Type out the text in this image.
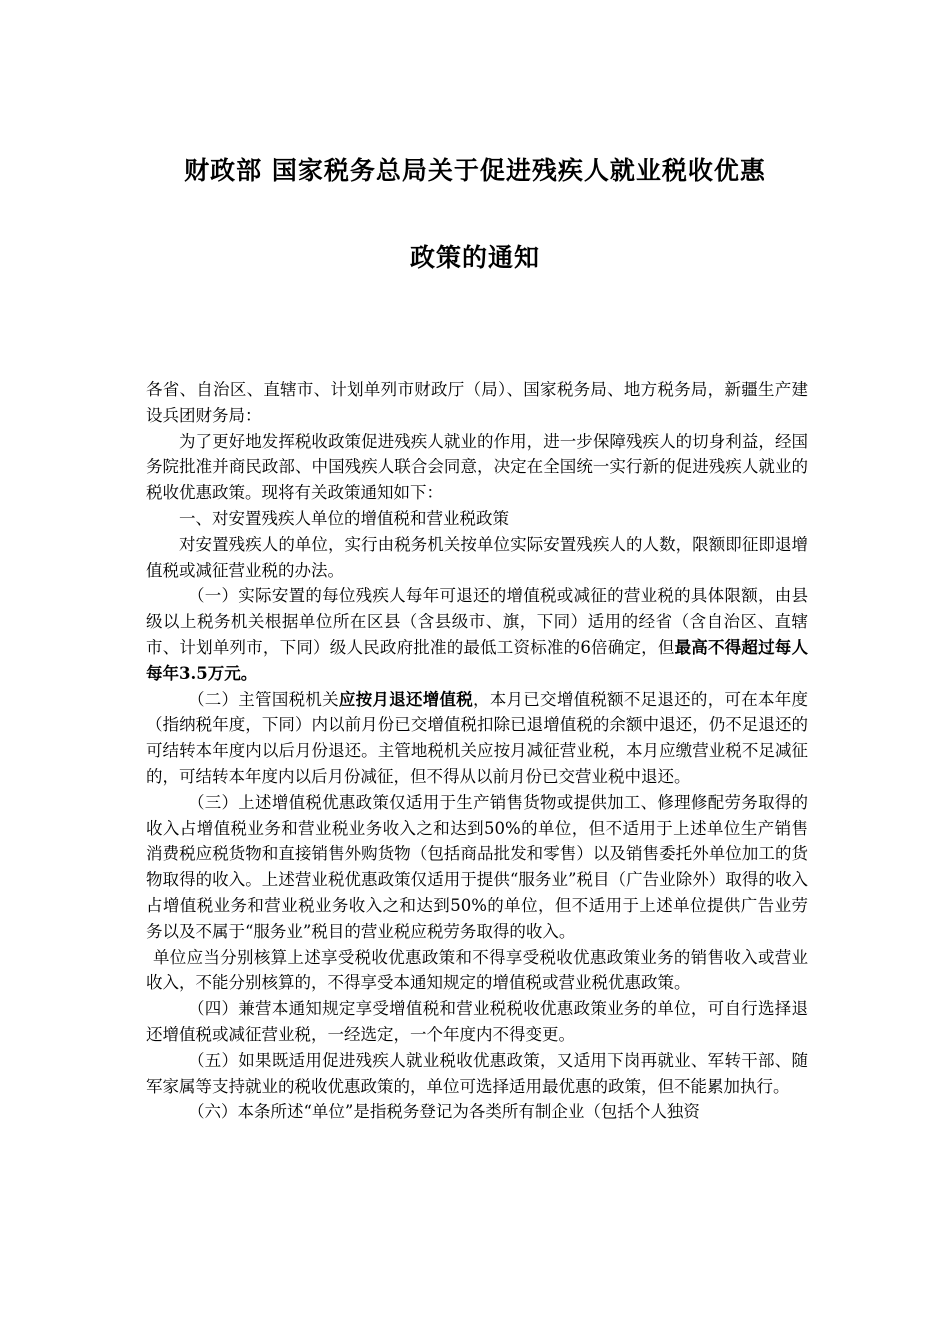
财政部 国家税务总局关于促进残疾人就业税收优惠
政策的通知

各省、自治区、直辖市、计划单列市财政厅（局）、国家税务局、地方税务局，新疆生产建设兵团财务局：

为了更好地发挥税收政策促进残疾人就业的作用，进一步保障残疾人的切身利益，经国务院批准并商民政部、中国残疾人联合会同意，决定在全国统一实行新的促进残疾人就业的税收优惠政策。现将有关政策通知如下：

一、对安置残疾人单位的增值税和营业税政策

对安置残疾人的单位，实行由税务机关按单位实际安置残疾人的人数，限额即征即退增值税或减征营业税的办法。

（一）实际安置的每位残疾人每年可退还的增值税或减征的营业税的具体限额，由县级以上税务机关根据单位所在区县（含县级市、旗，下同）适用的经省（含自治区、直辖市、计划单列市，下同）级人民政府批准的最低工资标准的6倍确定，但最高不得超过每人每年3.5万元。

（二）主管国税机关应按月退还增值税，本月已交增值税额不足退还的，可在本年度（指纳税年度，下同）内以前月份已交增值税扣除已退增值税的余额中退还，仍不足退还的可结转本年度内以后月份退还。主管地税机关应按月减征营业税，本月应缴营业税不足减征的，可结转本年度内以后月份减征，但不得从以前月份已交营业税中退还。

（三）上述增值税优惠政策仅适用于生产销售货物或提供加工、修理修配劳务取得的收入占增值税业务和营业税业务收入之和达到50%的单位，但不适用于上述单位生产销售消费税应税货物和直接销售外购货物（包括商品批发和零售）以及销售委托外单位加工的货物取得的收入。上述营业税优惠政策仅适用于提供“服务业”税目（广告业除外）取得的收入占增值税业务和营业税业务收入之和达到50%的单位，但不适用于上述单位提供广告业劳务以及不属于“服务业”税目的营业税应税劳务取得的收入。

单位应当分别核算上述享受税收优惠政策和不得享受税收优惠政策业务的销售收入或营业收入，不能分别核算的，不得享受本通知规定的增值税或营业税优惠政策。

（四）兼营本通知规定享受增值税和营业税税收优惠政策业务的单位，可自行选择退还增值税或减征营业税，一经选定，一个年度内不得变更。

（五）如果既适用促进残疾人就业税收优惠政策，又适用下岗再就业、军转干部、随军家属等支持就业的税收优惠政策的，单位可选择适用最优惠的政策，但不能累加执行。

（六）本条所述“单位”是指税务登记为各类所有制企业（包括个人独资
